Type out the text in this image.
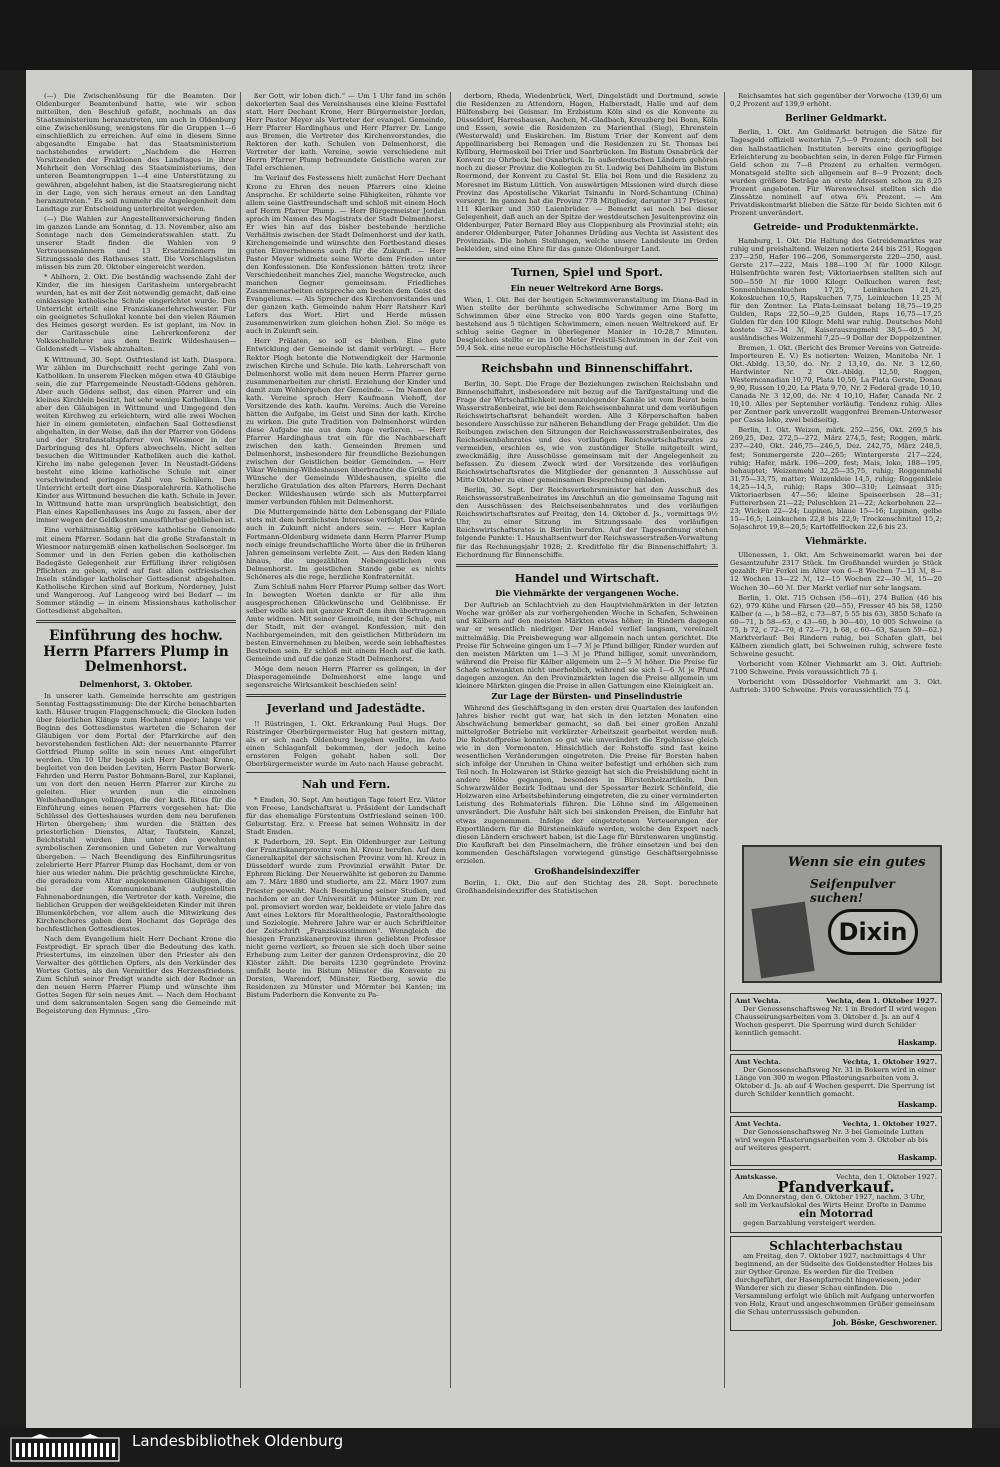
(—) Die Zwischenlösung für die Beamten. Der Oldenburger Beamtenbund hatte, wie wir schon mitteilten, den Beschluß gefaßt, nochmals an das Staatsministerium heranzutreten, um auch in Oldenburg eine Zwischenlösung, wenigstens für die Gruppen 1—6 einschließlich zu erreichen. Auf eine in diesem Sinne abgesandte Eingabe hat das Staatsministerium nachstehendes erwidert: „Nachdem die Herren Vorsitzenden der Fraktionen des Landtages in ihrer Mehrheit den Vorschlag des Staatsministeriums, den unteren Beamtengruppen 1—4 eine Unterstützung zu gewähren, abgelehnt haben, ist die Staatsregierung nicht in der Lage, von sich heraus erneut an den Landtag heranzutreten.“ Es soll nunmehr die Angelegenheit dem Landtage zur Entscheidung unterbreitet werden.

(—) Die Wahlen zur Angestelltenversicherung finden im ganzen Lande am Sonntag, d. 13. November, also am Sonntage nach den Gemeinderatswahlen statt. Zu unserer Stadt finden die Wahlen von 9 Vertrauensmännern und 13 Ersatzmännern im Sitzungssaale des Rathauses statt. Die Vorschlagslisten müssen bis zum 20. Oktober eingereicht werden.

* Ahlhorn, 2. Okt. Die beständig wachsende Zahl der Kinder, die im hiesigen Caritasheim untergebracht wurden, hat es mit der Zeit notwendig gemacht, daß eine einklassige katholische Schule eingerichtet wurde. Den Unterricht erteilt eine Franziskanerlehrschwester. Für ein geeignetes Schullokal konnte bei den vielen Räumen des Heimes gesorgt werden. Es ist geplant, im Nov. in der Caritasschule eine Lehrerkonferenz der Volksschullehrer aus dem Bezirk Wildeshausen—Goldenstedt — Visbek abzuhalten.

K Wittmund, 30. Sept. Ostfriesland ist kath. Diaspora. Wir zählen im Durchschnitt recht geringe Zahl von Katholiken. In unserem Flecken mögen etwa 40 Gläubige sein, die zur Pfarrgemeinde Neustadt-Gödens gehören. Aber auch Gödens selbst, das einen Pfarrer und ein kleines Kirchlein besitzt, hat sehr wenige Katholiken. Um aber den Gläubigen in Wittmund und Umgegend den weiten Kirchweg zu erleichtern, wird alle zwei Wochen hier in einem gemieteten, einfachen Saal Gottesdienst abgehalten, in der Weise, daß ihn der Pfarrer von Gödens und der Strafanstaltspfarrer von Wiesmoor in der Darbringung des hl. Opfers abwechseln. Nicht selten besuchen die Wittmunder Katholiken auch die kathol. Kirche im nahe gelegenen Jever. In Neustadt-Gödens besteht eine kleine katholische Schule mit einer verschwindend geringen Zahl von Schülern. Den Unterricht erteilt dort eine Diasporalehrerin. Katholische Kinder aus Wittmund besuchen die kath. Schule in Jever. In Wittmund hatte man ursprünglich beabsichtigt, den Plan eines Kapellenhauses ins Auge zu fassen, aber der immer wegen der Geldkosten unausführbar geblieben ist.

Eine verhältnismäßig größere katholische Gemeinde mit einem Pfarrer. Sodann hat die große Strafanstalt in Wiesmoor naturgemäß einen katholischen Seelsorger. Im Sommer und in den Ferien geben die katholischen Badegäste Gelegenheit zur Erfüllung ihrer religiösen Pflichten zu geben, wird auf fast allen ostfriesischen Inseln ständiger katholischer Gottesdienst abgehalten. Katholische Kirchen sind auf Borkum, Norderney, Juist und Wangeroog. Auf Langeoog wird bei Bedarf — im Sommer ständig — in einem Missionshaus katholischer Gottesdienst abgehalten.

Einführung des hochw. Herrn Pfarrers Plump in Delmenhorst.
Delmenhorst, 3. Oktober.

In unserer kath. Gemeinde herrschte am gestrigen Sonntag Festtagsstimmung: Die der Kirche benachbarten kath. Häuser trugen Flaggenschmuck; die Glocken luden über feierlichen Klänge zum Hochamt empor; lange vor Beginn des Gottesdienstes warteten die Scharen der Gläubigen vor dem Portal der Pfarrkirche auf den bevorstehenden festlichen Akt: der neuernannte Pfarrer Gottfried Plump sollte in sein neues Amt eingeführt werden. Um 10 Uhr begab sich Herr Dechant Krone, begleitet von den beiden Leviten, Herrn Pastor Borwerk-Fehrden und Herrn Pastor Bohmann-Barel, zur Kaplanei, um von dort den neuen Herrn Pfarrer zur Kirche zu geleiten. Hier wurden nun die einzelnen Weihehandlungen vollzogen, die der kath. Ritus für die Einführung eines neuen Pfarrers vorgesehen hat: Die Schlüssel des Gotteshauses wurden dem neu berufenen Hirten übergeben; ihm wurden die Stätten des priesterlichen Dienstes, Altar, Taufstein, Kanzel, Beichtstuhl wurden ihm unter den gewohnten symbolischen Zeremonien und Gebeten zur Verwaltung übergeben. — Nach Beendigung des Einführungsritus zelebrierte Herr Pfarrer Plump das Hochamt, dem er von hier aus wieder nahm. Die prächtig geschmückte Kirche, die geradezu vom Altar angekommenen Gläubigen, die bei der Kommunionbank aufgestellten Fahnenabordnungen, die Vertreter der kath. Vereine, die lieblichen Gruppen der weißgekleideten Kinder mit ihren Blumenkörbchen, vor allem auch die Mitwirkung des Kirchenchores gaben dem Hochamt das Gepräge des hochfestlichen Gottesdienstes.

Nach dem Evangelium hielt Herr Dechant Krone die Festpredigt. Er sprach über die Bedeutung des kath. Priestertums, im einzelnen über den Priester als den Verwalter des göttlichen Opfers, als den Verkünder des Wortes Gottes, als den Vermittler des Herzensfriedens. Zum Schluß seiner Predigt wandte sich der Redner an den neuen Herrn Pfarrer Plump und wünschte ihm Gottes Segen für sein neues Amt. — Nach dem Hochamt und dem sakramentalen Segen sang die Gemeinde mit Begeisterung den Hymnus: „Gro-

ßer Gott, wir loben dich.“ — Um 1 Uhr fand im schön dekorierten Saal des Vereinshauses eine kleine Festtafel statt. Herr Dechant Krone, Herr Bürgermeister Jordan, Herr Pastor Meyer als Vertreter der evangel. Gemeinde, Herr Pfarrer Hardinghaus und Herr Pfarrer Dr. Lange aus Bremen, die Vertreter des Kirchenvorstandes, die Rektoren der kath. Schulen von Delmenhorst, die Vertreter der kath. Vereine, sowie verschiedene mit Herrn Pfarrer Plump befreundete Geistliche waren zur Tafel erschienen.

Im Verlauf des Festessens hielt zunächst Herr Dechant Krone zu Ehren des neuen Pfarrers eine kleine Ansprache. Er schilderte seine Fähigkeiten, rühmte vor allem seine Gastfreundschaft und schloß mit einem Hoch auf Herrn Pfarrer Plump. — Herr Bürgermeister Jordan sprach im Namen des Magistrats der Stadt Delmenhorst. Er wies hin auf das bisher bestehende herzliche Verhältnis zwischen der Stadt Delmenhorst und der kath. Kirchengemeinde und wünschte den Fortbestand dieses guten Einvernehmens auch für die Zukunft. — Herr Pastor Meyer widmete seine Worte dem Frieden unter den Konfessionen. Die Konfessionen hätten trotz ihrer Verschiedenheit manches Ziel, manche Wegstrecke, auch manchen Gegner gemeinsam. Friedliches Zusammenarbeiten entspreche am besten dem Geist des Evangeliums. — Als Sprecher des Kirchenvorstandes und der ganzen kath. Gemeinde nahm Herr Ratsherr Karl Lefers das Wort. Hirt und Herde müssen zusammenwirken zum gleichen hohen Ziel. So möge es auch in Zukunft sein.

Herr Prälaten, so soll es bleiben. Eine gute Entwicklung der Gemeinde ist damit verbürgt. — Herr Rektor Plogh betonte die Notwendigkeit der Harmonie zwischen Kirche und Schule. Die kath. Lehrerschaft von Delmenhorst wolle mit dem neuen Herrn Pfarrer gerne zusammenarbeiten zur christl. Erziehung der Kinder und damit zum Wohlergehen der Gemeinde. — Im Namen der kath. Vereine sprach Herr Kaufmann Viehoff, der Vorsitzende des kath. kaufm. Vereins. Auch die Vereine hätten die Aufgabe, im Geist und Sinn der kath. Kirche zu wirken. Die gute Tradition von Delmenhorst würden diese Aufgabe nie aus dem Auge verlieren. — Herr Pfarrer Hardinghaus trat ein für die Nachbarschaft zwischen den kath. Gemeinden Bremen und Delmenhorst, insbesondere für freundliche Beziehungen zwischen der Geistlichen beider Gemeinden. — Herr Vikar Wehming-Wildeshausen überbrachte die Grüße und Wünsche der Gemeinde Wildeshausen, spielte die herzliche Gratulation des alten Pfarrers, Herrn Dechant Decker. Wildeshausen würde sich als Mutterpfarrei immer verbunden fühlen mit Delmenhorst.

Die Muttergemeinde hätte den Lebensgang der Filiale stets mit dem herzlichsten Interesse verfolgt. Das würde auch in Zukunft nicht anders sein. — Herr Kaplan Fortmann-Oldenburg widmete dann Herrn Pfarrer Plump noch einige freundschaftliche Worte über die in früheren Jahren gemeinsam verlebte Zeit. — Aus den Reden klang hinaus, die ungezählten Nebengeistlichen von Delmenhorst. Im geistlichen Stande gebe es nichts Schöneres als die rege, herzliche Konfraternität.

Zum Schluß nahm Herr Pfarrer Plump selber das Wort. In bewegten Worten dankte er für alle ihm ausgesprochenen Glückwünsche und Gelöbnisse. Er selber wolle sich mit ganzer Kraft dem ihm übertragenen Amte widmen. Mit seiner Gemeinde, mit der Schule, mit der Stadt, mit der evangel. Konfession, mit den Nachbargemeinden, mit den geistlichen Mitbrüdern im besten Einvernehmen zu bleiben, werde sein lebhaftestes Bestreben sein. Er schloß mit einem Hoch auf die kath. Gemeinde und auf die ganze Stadt Delmenhorst.

Möge dem neuen Herrn Pfarrer es gelingen, in der Diasporagemeinde Delmenhorst eine lange und segensreiche Wirksamkeit beschieden sein!

Jeverland und Jadestädte.

!! Rüstringen, 1. Okt. Erkrankung Paul Hugs. Der Rüstringer Oberbürgermeister Hug hat gestern mittag, als er sich nach Oldenburg begeben wollte, im Auto einen Schlaganfall bekommen, der jedoch keine ernsteren Folgen gehabt haben soll. Der Oberbürgermeister wurde im Auto nach Hause gebracht.

Nah und Fern.

* Emden, 30. Sept. Am heutigen Tage feiert Erz. Viktor von Freese, Landschaftsrat u. Präsident der Landschaft für das ehemalige Fürstentum Ostfriesland seinen 100. Geburtstag. Erz. v. Freese hat seinen Wohnsitz in der Stadt Emden.

K Paderborn, 29. Sept. Ein Oldenburger zur Leitung der Franziskanerprovinz vom hl. Kreuz berufen. Auf dem Generalkapitel der sächsischen Provinz vom hl. Kreuz in Düsseldorf wurde zum Provinzial erwählt Pater Dr. Ephrem Ricking. Der Neuerwählte ist geboren zu Damme am 7. März 1880 und studierte, am 22. März 1907 zum Priester geweiht. Nach Beendigung seiner Studien, und nachdem er an der Universität zu Münster zum Dr. rer. pol. promoviert worden war, bekleidete er viele Jahre das Amt eines Lektors für Moraltheologie, Pastoraltheologie und Soziologie. Mehrere Jahre war er auch Schriftleiter der Zeitschrift „Franziskusstimmen“. Wenngleich die hiesigen Franziskanerprovinz ihren geliebten Professor nicht gerne verliert, so freuen sie sich doch über seine Erhebung zum Leiter der ganzen Ordensprovinz, die 20 Klöster zählt. Die bereits 1230 gegründete Provinz umfaßt heute im Bistum Münster die Konvente zu Dorsten, Warendorf, Münster, Rietberg, sowie die Residenzen zu Münster und Mörmter bei Kanten; im Bistum Paderborn die Konvente zu Pa-

derborn, Rheda, Wiedenbrück, Werl, Dingelstädt und Dortmund, sowie die Residenzen zu Attendorn, Hagen, Halberstadt, Halle und auf dem Hülfensberg bei Geismar. Im Erzbistum Köln sind es die Konvente zu Düsseldorf, Harreshausen, Aachen, M.-Gladbach, Kreuzberg bei Bonn, Köln und Essen, sowie die Residenzen zu Marienthal (Sieg), Ehrenstein (Westerwald) und Euskirchen. Im Bistum Trier der Konvent auf dem Appollinarisberg bei Remagen und die Residenzen zu St. Thomas bei Kyllburg, Hermeskeil bei Trier und Saarbrücken. Im Bistum Osnabrück der Konvent zu Ohrbeck bei Osnabrück. In außerdeutschen Ländern gehören noch zu dieser Provinz die Kollegien zu St. Ludwig bei Dahlheim im Bistum Roermond, der Konvent zu Castel St. Elia bei Rom und die Residenz zu Moresnet im Bistum Lüttich. Von auswärtigen Missionen wird durch diese Provinz das Apostolische Vikariat Tsinanfu in Nord-Schantung (China) versorgt. Im ganzen hat die Provinz 778 Mitglieder, darunter 317 Priester, 111 Kleriker und 350 Laienbrüder. — Bemerkt sei noch bei dieser Gelegenheit, daß auch an der Spitze der westdeutschen Jesuitenprovinz ein Oldenburger, Pater Bernard Bley aus Cloppenburg als Provinzial steht; ein anderer Oldenburger, Pater Johannes Drüding aus Vechta ist Assistent des Provinzials. Die hohen Stellungen, welche unsere Landsleute im Orden bekleiden, sind eine Ehre für das ganze Oldenburger Land.

Turnen, Spiel und Sport.
Ein neuer Weltrekord Arne Borgs.

Wien, 1. Okt. Bei der heutigen Schwimmveranstaltung im Diana-Bad in Wien stellte der berühmte schwedische Schwimmer Arne Borg im Schwimmen über eine Strecke von 800 Yards gegen eine Stafette, bestehend aus 5 tüchtigen Schwimmern, einen neuen Weltrekord auf. Er schlug seine Gegner in überlegener Manier in 10:28,7 Minuten. Desgleichen stellte er im 100 Meter Freistil-Schwimmen in der Zeit von 59,4 Sek. eine neue europäische Höchstleistung auf.

Reichsbahn und Binnenschiffahrt.

Berlin, 30. Sept. Die Frage der Beziehungen zwischen Reichsbahn und Binnenschiffahrt, insbesondere mit bezug auf die Tarifgestaltung und die Frage der Wirtschaftlichkeit neuanzulegender Kanäle ist vom Beirat beim Wasserstraßenbeirat, wie bei dem Reichseisenbahnrat und dem vorläufigen Reichswirtschaftsrat behandelt worden. Alle 3 Körperschaften haben besondere Ausschüsse zur näheren Behandlung der Frage gebildet. Um die Reibungen zwischen den Sitzungen der Reichswasserstraßenbeirates, des Reichseisenbahnrates und des vorläufigen Reichswirtschaftsrates zu vermeiden, erschien es, wie von zuständiger Stelle mitgeteilt wird, zweckmäßig, ihre Ausschüsse gemeinsam mit der Angelegenheit zu befassen. Zu diesem Zweck wird der Vorsitzende des vorläufigen Reichswirtschaftsrates die Mitglieder der genannten 3 Ausschüsse auf Mitte Oktober zu einer gemeinsamen Besprechung einladen.

Berlin, 30. Sept. Der Reichsverkehrsminister hat den Ausschuß des Reichswasserstraßenbeirates im Anschluß an die gemeinsame Tagung mit den Ausschüssen des Reichseisenbahnrates und des vorläufigen Reichswirtschaftsrates auf Freitag, den 14. Oktober d. Js., vormittags 9½ Uhr, zu einer Sitzung im Sitzungssaale des vorläufigen Reichswirtschaftsrates in Berlin berufen. Auf der Tagesordnung stehen folgende Punkte: 1. Haushaltsentwurf der Reichswasserstraßen-Verwaltung für das Rechnungsjahr 1928; 2. Kreditfolie für die Binnenschiffahrt; 3. Eichordnung für Binnenschiffe.

Handel und Wirtschaft.
Die Viehmärkte der vergangenen Woche.

Der Auftrieb an Schlachtvieh zu den Hauptviehmärkten in der letzten Woche war größer als zur vorhergehenden Woche in Schafen, Schweinen und Kälbern auf den meisten Märkten etwas höher; in Rindern dagegen war er wesentlich niedriger. Der Handel verlief langsam, vereinzelt mittelmäßig. Die Preisbewegung war allgemein nach unten gerichtet. Die Preise für Schweine gingen um 1—7 ℳ je Pfund billiger, Rinder wurden auf den meisten Märkten um 1—3 ℳ je Pfund billiger, somit unverändern, während die Preise für Kälber allgemein um 2—5 ℳ höher. Die Preise für Schafe schwankten nicht unerheblich, während sie sich 1—6 ℳ je Pfund dagegen anzogen. An den Provinzmärkten lagen die Preise allgemein um kleinere Märkten gingen die Preise in allen Gattungen eine Kleinigkeit an.

Zur Lage der Bürsten- und Pinselindustrie

Während des Geschäftsgang in den ersten drei Quartalen des laufenden Jahres bisher recht gut war, hat sich in den letzten Monaten eine Abschwächung bemerkbar gemacht, so daß bei einer großen Anzahl mittelgroßer Betriebe mit verkürzter Arbeitszeit gearbeitet werden muß. Die Rohstoffpreise konnten so gut wie unverändert die Ergebnisse gleich wie in den Vormonaten. Hinsichtlich der Rohstoffe sind fast keine wesentlichen Veränderungen eingetreten. Die Preise für Borsten haben sich infolge der Unruhen in China weiter befestigt und erhöhen sich zum Teil noch. In Holzwaren ist Stärke gezeigt hat sich die Preisbildung nicht in andere Höhe gegangen, besonders in Bürstenholzartikeln. Den Schwarzwälder Bezirk Todtnau und der Spessarter Bezirk Schönfeld, die Holzwaren eine Arbeitsbehinderung eingetreten, die zu einer verminderten Leistung des Rohmaterials führen. Die Löhne sind im Allgemeinen unverändert. Die Ausfuhr hält sich bei sinkenden Preisen, die Einfuhr hat etwas zugenommen. Infolge der eingetretenen Verteuerungen der Exportländern für die Bürsteneinkäufe werden, welche den Export nach diesen Ländern erschwert haben, ist die Lage für Bürstenwaren ungünstig. Die Kaufkraft bei den Pinselmachern, die früher einsetzen und bei den kommenden Geschäftslagen vorwiegend günstige Geschäftsergebnisse erzielen.

Großhandelsindexziffer

Berlin, 1. Okt. Die auf den Stichtag des 28. Sept. berechnete Großhandelsindexziffer des Statistischen

Reichsamtes hat sich gegenüber der Vorwoche (139,6) um 0,2 Prozent auf 139,9 erhöht.

Berliner Geldmarkt.

Berlin, 1. Okt. Am Geldmarkt betrugen die Sätze für Tagesgeld offiziell weiterhin 7,5—9 Prozent; doch soll bei den halbstaatlichen Instituten bereits eine geringfügige Erleichterung zu beobachten sein, in deren Folge für Firmen Geld schon zu 7—8 Prozent zu erhalten vermögen. Monatsgeld stellte sich allgemein auf 8—9 Prozent; doch wurden größere Beträge an erste Adressen schon zu 8,25 Prozent angeboten. Für Warenwechsel stellten sich die Zinssätze nominell auf etwa 6¾ Prozent. — Am Privatdiskontmarkt blieben die Sätze für beide Sichten mit 6 Prozent unverändert.

Getreide- und Produktenmärkte.

Hamburg, 1. Okt. Die Haltung des Getreidemarktes war ruhig und preishaltend. Weizen notierte 244 bis 251, Roggen 237—250, Hafer 196—206, Sommergerste 220—250, ausl. Gerste 217—222, Mais 188—190 ℳ für 1000 Kilogr. Hülsenfrüchte waren fest; Viktoriaerbsen stellten sich auf 500—550 ℳ für 1000 Kilogr. Oelkuchen waren fest; Sonnenblumenkuchen 17,25, Leinkuchen 21,25, Kokoskuchen 10,5, Rapskuchen 7,75, Leinkuchen 11,25 ℳ für den Zentner. La Plata-Leinsaat belang 18,75—19,25 Gulden, Raps 22,50—9,25 Gulden, Raps 16,75—17,25 Gulden für den 100 Kilogr. Mehl war ruhig. Deutsches Mehl kostete 32—34 ℳ, Kaiserauszugmehl 38,5—40,5 ℳ, ausländisches Weizenmehl 7,25—9 Dollar der Doppelzentner.

Bremen, 1. Okt. (Bericht des Bremer Vereins von Getreide-Importeuren E. V.) Es notierten: Weizen, Manitoba Nr. 1 Okt.-Abldg. 13,50, do. Nr. 2 13,10, do. Nr. 3 12,60, Hardwinter Nr. 2 Okt.-Abldg. 12,50, Roggen, Westerncanadian 10,70, Plata 10,50, La Plata Gerste, Donau 9,90, Russen 10,20, La Plata 9,70, Nr. 2 Federal grade 10,10, Canada Nr. 3 12,00, do. Nr. 4 10,10, Hafer, Canada Nr. 2 10,10. Alles per September vorläufig. Tendenz ruhig. Alles per Zentner park unverzollt waggonfrei Bremen-Unterweser per Cassa loko, zwei beidseitig.

Berlin, 1. Okt. Weizen, märk. 252—256, Okt. 269,5 bis 269,25, Dez. 272,5—272, März 274,5, fest; Roggen, märk. 237—240, Okt. 246,75—246,5, Dez. 242,75, März 248,5, fest; Sommergerste 220—265; Wintergerste 217—224, ruhig; Hafer, märk. 196—209, fest; Mais, loko, 188—195, behauptet; Weizenmehl 32,25—35,75, ruhig; Roggenmehl 31,75—33,75, matter; Weizenkleie 14,5, ruhig; Roggenkleie 14,25—14,5, ruhig; Raps 300—310; Leinsaat 315; Viktoriaerbsen 47—56; kleine Speiseerbsen 28—31; Futtererbsen 21—22; Peluschken 21—22; Ackerbohnen 22—23; Wicken 22—24; Lupinen, blaue 15—16; Lupinen, gelbe 15—16,5; Leinkuchen 22,8 bis 22,9; Trockenschnitzel 15,2; Sojaschrot 19,8—20,5; Kartoffelflocken 22,6 bis 23.

Viehmärkte.

Ullenessen, 1. Okt. Am Schweinemarkt waren bei der Gesamtzufuhr 2317 Stück. Im Großhandel wurden je Stück gezahlt: Für Ferkel im Alter von 6—8 Wochen 7—13 ℳ, 8—12 Wochen 13—22 ℳ, 12—15 Wochen 22—30 ℳ, 15—20 Wochen 30—60 ℳ. Der Markt verlief nur sehr langsam.

Berlin, 1. Okt. 715 Ochsen (56—61), 274 Bullen (46 bis 62), 979 Kühe und Färsen (20—55), Fresser 45 bis 58, 1250 Kälber (a —, b 58—82, c 73—87, 5 55 bis 63), 3850 Schafe (a 60—71, b 58—63, c 43—60, b 30—40), 10 005 Schweine (a 75, b 72, c 72—79, d 72—71, b 68, c 60—63, Sauen 59—62.) Marktverlauf: Bei Rindern ruhig, bei Schafen glatt, bei Kälbern ziemlich glatt, bei Schweinen ruhig, schwere feste Schweine gesucht.

Vorbericht vom Kölner Viehmarkt am 3. Okt. Auftrieb: 7100 Schweine. Preis voraussichtlich 75 ₰.

Vorbericht vom Düsseldorfer Viehmarkt am 3. Okt. Auftrieb: 3100 Schweine. Preis voraussichtlich 75 ₰.

Wenn sie ein gutes
Seifenpulver suchen!
Dixin
Amt Vechta.	Vechta, den 1. Oktober 1927.

Der Genossenschaftsweg Nr. 1 in Bredorf II wird wegen Chausseirungsarbeiten vom 3. Oktober d. Js. an auf 4 Wochen gesperrt. Die Sperrung wird durch Schilder kenntlich gemacht.

Haskamp.
Amt Vechta.	Vechta, 1. Oktober 1927.

Der Genossenschaftsweg Nr. 31 in Bokern wird in einer Länge von 300 m wegen Pflasterungsarbeiten vom 3. Oktober d. Js. ab auf 4 Wochen gesperrt. Die Sperrung ist durch Schilder kenntlich gemacht.

Haskamp.
Amt Vechta.	Vechta, 1. Oktober 1927.

Der Genossenschaftsweg Nr. 3 bei Gemeinde Lutten wird wegen Pflasterungsarbeiten vom 3. Oktober ab bis auf weiteres gesperrt.

Haskamp.
Amtskasse.	Vechta, den 1. Oktober 1927.
Pfandverkauf.

Am Donnerstag, den 6. Oktober 1927, nachm. 3 Uhr, soll im Verkaufslokal des Wirts Heinr. Drofte in Damme

ein Motorrad

gegen Barzahlung versteigert werden.

Schlachterbachstau

am Freitag, den 7. Oktober 1927, nachmittags 4 Uhr beginnend, an der Südseite des Goldenstedter Holzes bis zur Oyther Grenze. Es werden für die Treiben durchgeführt, der Hasenpfarrecht hingewiesen, jeder Wanderer sich zu dieser Schau einfinden. Die Versammlung erfolgt wie üblich mit Aufgang unterworfen von Holz, Kraut und angeschwommen Grüßer gemeinsam die Schau unterrusssisch gebunden.

Joh. Böske, Geschworener.
Landesbibliothek Oldenburg
